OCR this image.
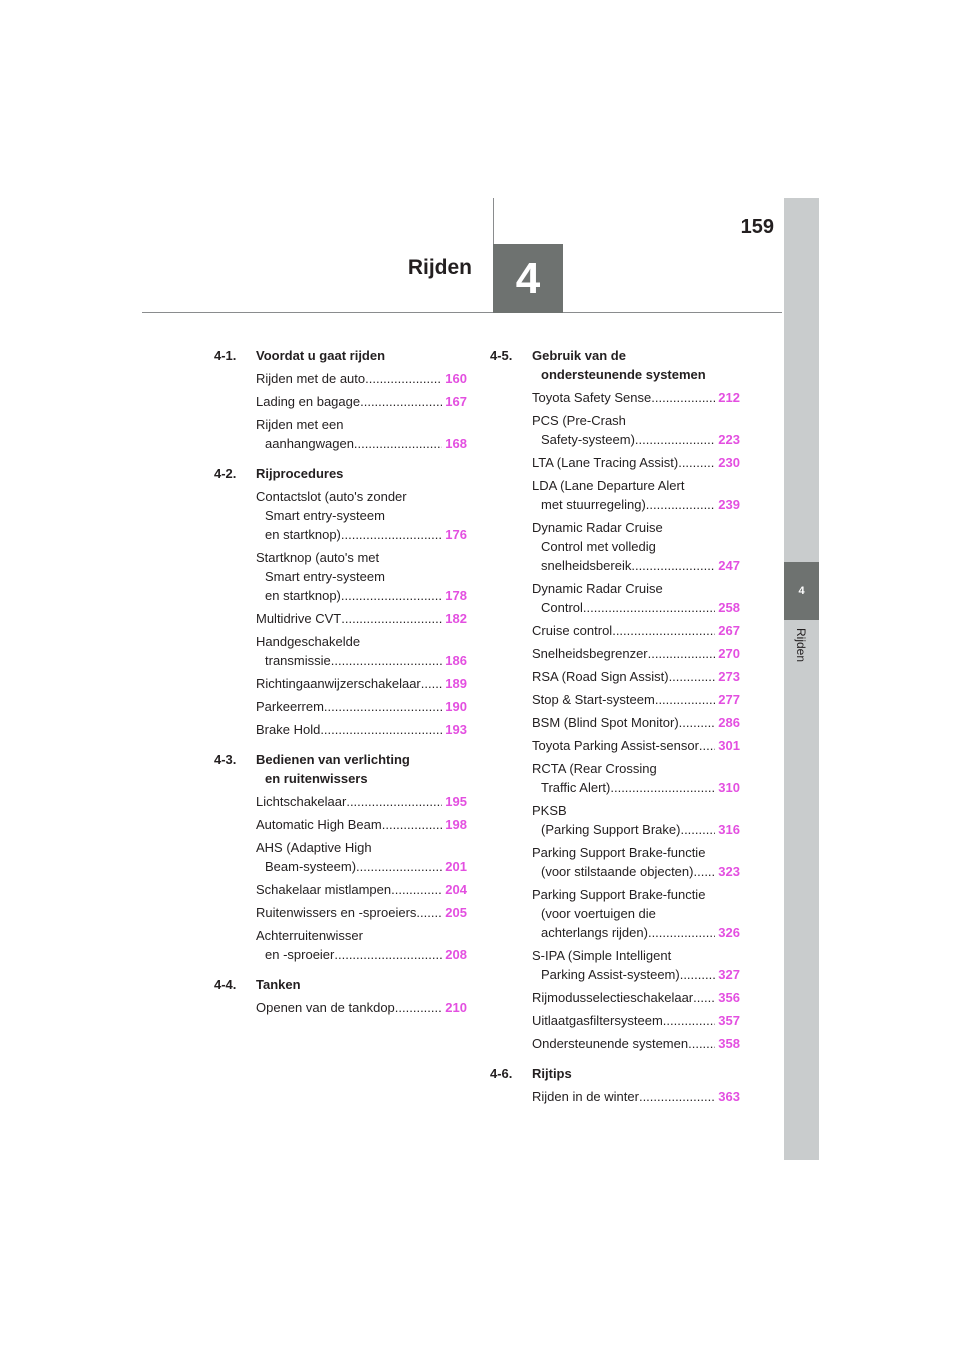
4
Rijden
159
4
Rijden
4-1.	Voordat u gaat rijden
Rijden met de auto .....	160
Lading en bagage .....	167
Rijden met een
aanhangwagen .....	168
4-2.	Rijprocedures
Contactslot (auto's zonder
Smart entry-systeem
en startknop) .....	176
Startknop (auto's met
Smart entry-systeem
en startknop) .....	178
Multidrive CVT .....	182
Handgeschakelde
transmissie .....	186
Richtingaanwijzerschakelaar ..... 189
Parkeerrem .....	190
Brake Hold .....	193
4-3.	Bedienen van verlichting
en ruitenwissers
Lichtschakelaar .....	195
Automatic High Beam .....	198
AHS (Adaptive High
Beam-systeem) .....	201
Schakelaar mistlampen .....	204
Ruitenwissers en -sproeiers ..... 205
Achterruitenwisser
en -sproeier .....	208
4-4.	Tanken
Openen van de tankdop .....	210
4-5.	Gebruik van de
ondersteunende systemen
Toyota Safety Sense .....	212
PCS (Pre-Crash
Safety-systeem) .....	223
LTA (Lane Tracing Assist) .....	230
LDA (Lane Departure Alert
met stuurregeling) .....	239
Dynamic Radar Cruise
Control met volledig
snelheidsbereik .....	247
Dynamic Radar Cruise
Control .....	258
Cruise control .....	267
Snelheidsbegrenzer .....	270
RSA (Road Sign Assist) .....	273
Stop & Start-systeem .....	277
BSM (Blind Spot Monitor) .....	286
Toyota Parking Assist-sensor ..... 301
RCTA (Rear Crossing
Traffic Alert) .....	310
PKSB
(Parking Support Brake) .....	316
Parking Support Brake-functie
(voor stilstaande objecten) ..... 323
Parking Support Brake-functie
(voor voertuigen die
achterlangs rijden) .....	326
S-IPA (Simple Intelligent
Parking Assist-systeem) .....	327
Rijmodusselectieschakelaar ..... 356
Uitlaatgasfiltersysteem .....	357
Ondersteunende systemen ..... 358
4-6.	Rijtips
Rijden in de winter .....	363
